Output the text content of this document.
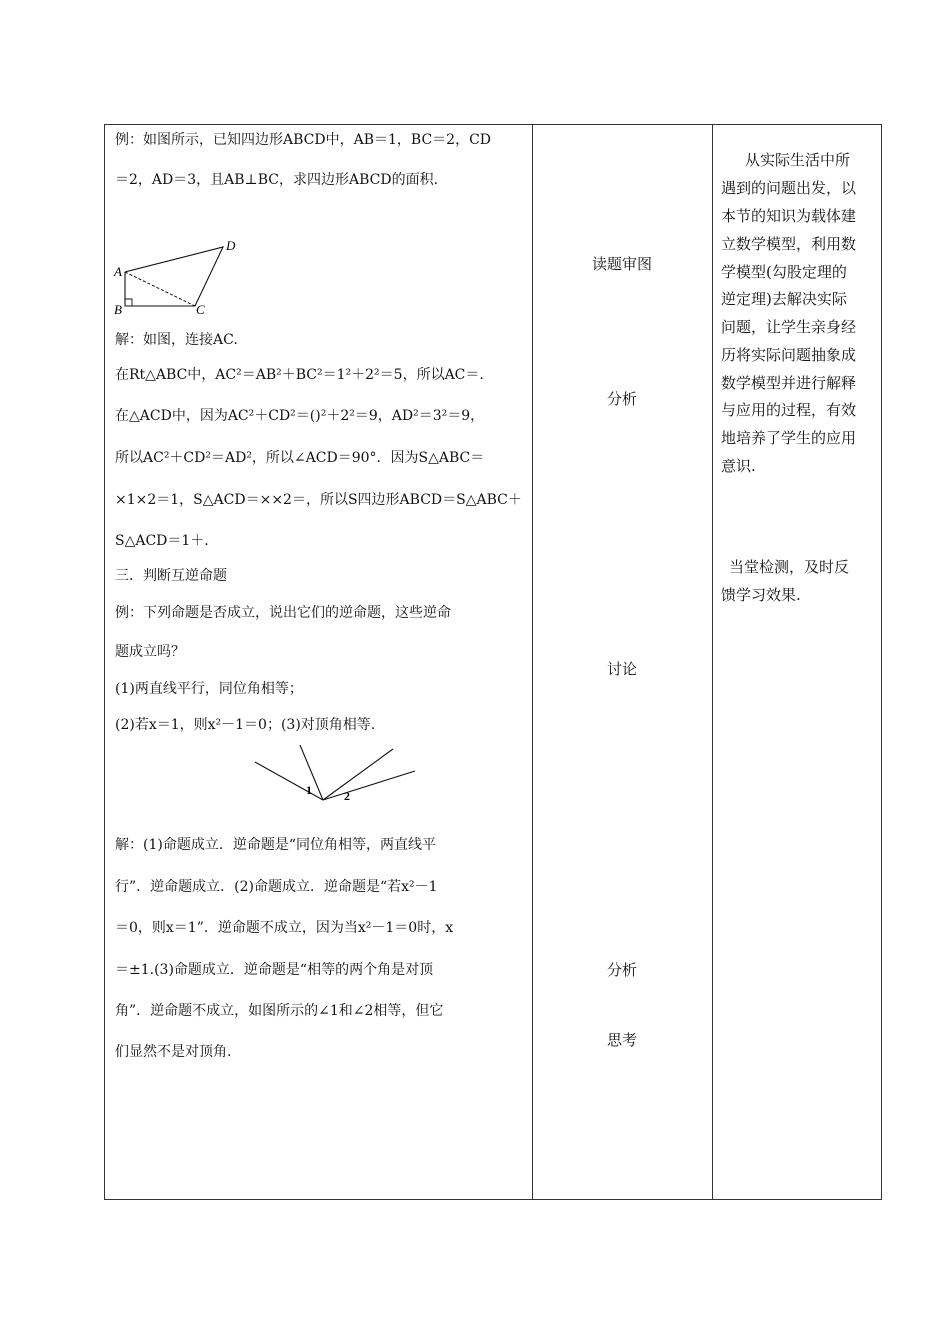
例：如图所示，已知四边形ABCD中，AB＝1，BC＝2，CD
＝2，AD＝3，且AB⊥BC，求四边形ABCD的面积.
A
B	C
D
解：如图，连接AC.
在Rt△ABC中，AC²＝AB²＋BC²＝1²＋2²＝5，所以AC＝.
在△ACD中，因为AC²＋CD²＝()²＋2²＝9，AD²＝3²＝9，
所以AC²＋CD²＝AD²，所以∠ACD＝90°．因为S△ABC＝
×1×2＝1，S△ACD＝××2＝，所以S四边形ABCD＝S△ABC＋
S△ACD＝1＋.
三．判断互逆命题
例：下列命题是否成立，说出它们的逆命题，这些逆命
题成立吗？
(1)两直线平行，同位角相等；
(2)若x＝1，则x²－1＝0；(3)对顶角相等.
1	2
解：(1)命题成立．逆命题是“同位角相等，两直线平
行”．逆命题成立．(2)命题成立．逆命题是“若x²－1
＝0，则x＝1”．逆命题不成立，因为当x²－1＝0时，x
＝±1.(3)命题成立．逆命题是“相等的两个角是对顶
角”．逆命题不成立，如图所示的∠1和∠2相等，但它
们显然不是对顶角.
读题审图
分析
讨论
分析
思考
从实际生活中所
遇到的问题出发，以
本节的知识为载体建
立数学模型，利用数
学模型(勾股定理的
逆定理)去解决实际
问题，让学生亲身经
历将实际问题抽象成
数学模型并进行解释
与应用的过程，有效
地培养了学生的应用
意识.
当堂检测，及时反
馈学习效果.
